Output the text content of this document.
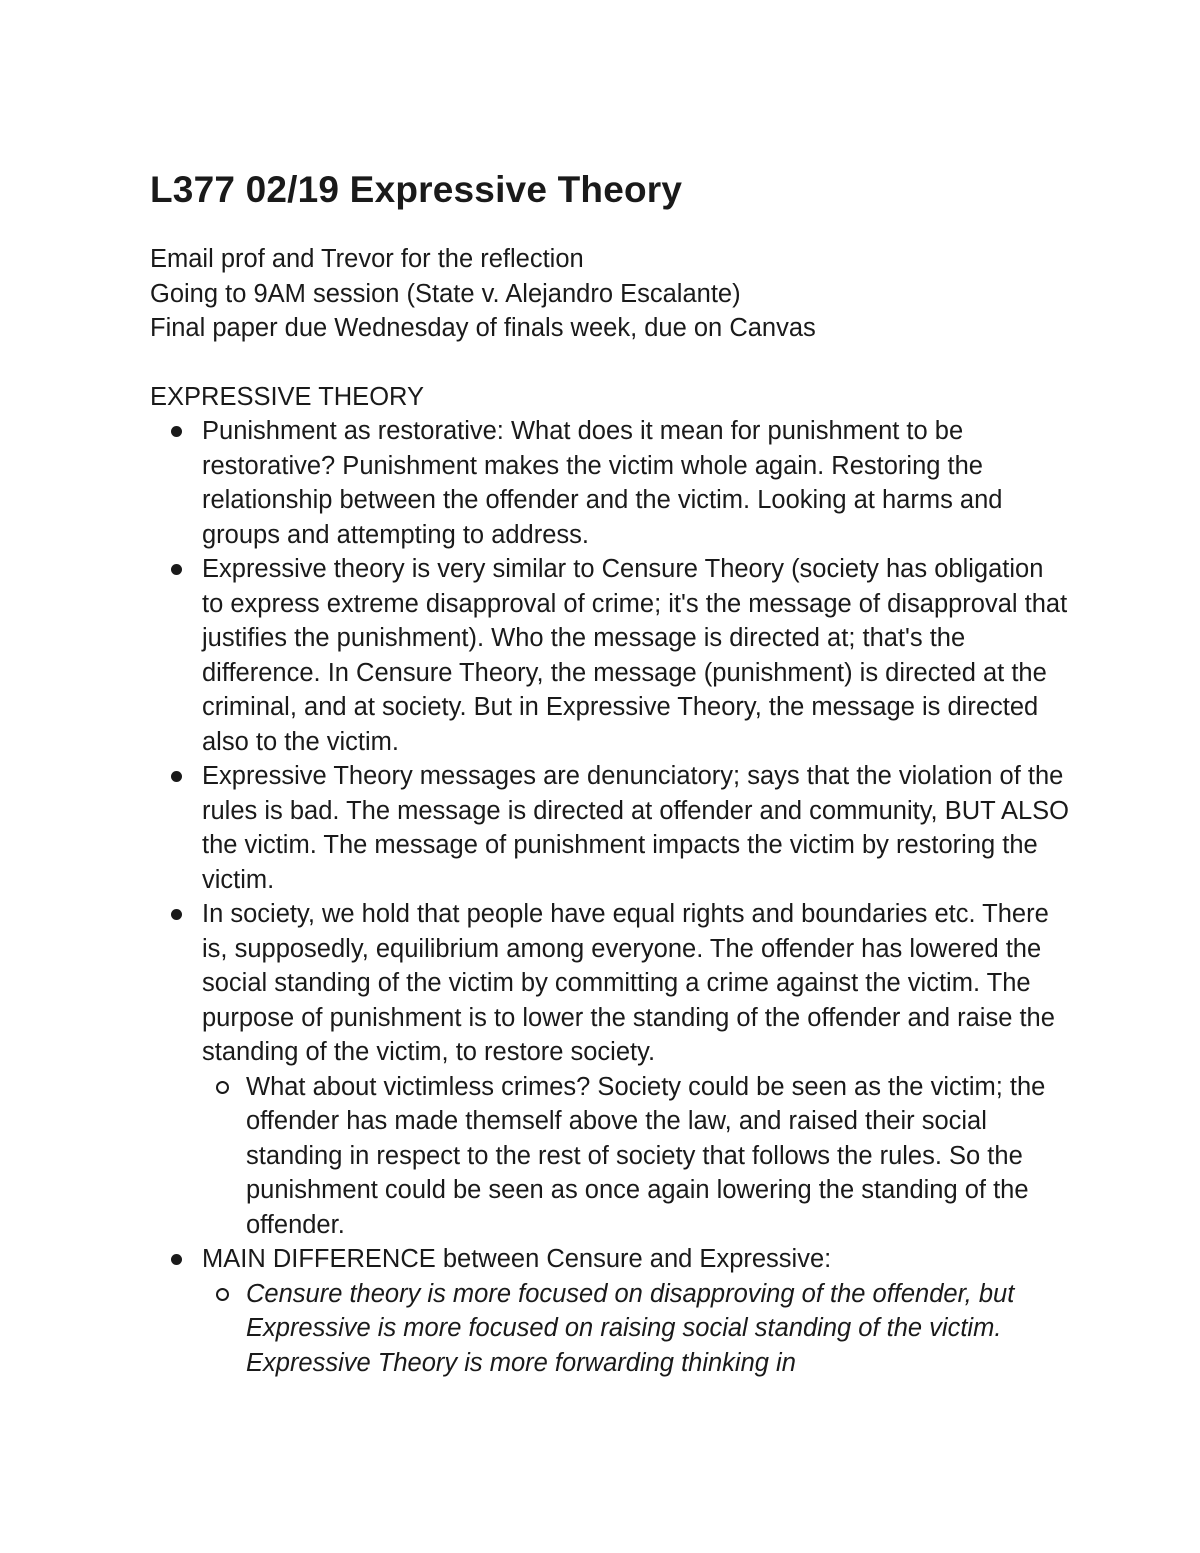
L377 02/19 Expressive Theory
Email prof and Trevor for the reflection
Going to 9AM session (State v. Alejandro Escalante)
Final paper due Wednesday of finals week, due on Canvas
EXPRESSIVE THEORY
Punishment as restorative: What does it mean for punishment to be restorative? Punishment makes the victim whole again. Restoring the relationship between the offender and the victim. Looking at harms and groups and attempting to address.
Expressive theory is very similar to Censure Theory (society has obligation to express extreme disapproval of crime; it's the message of disapproval that justifies the punishment). Who the message is directed at; that's the difference. In Censure Theory, the message (punishment) is directed at the criminal, and at society. But in Expressive Theory, the message is directed also to the victim.
Expressive Theory messages are denunciatory; says that the violation of the rules is bad. The message is directed at offender and community, BUT ALSO the victim. The message of punishment impacts the victim by restoring the victim.
In society, we hold that people have equal rights and boundaries etc. There is, supposedly, equilibrium among everyone. The offender has lowered the social standing of the victim by committing a crime against the victim. The purpose of punishment is to lower the standing of the offender and raise the standing of the victim, to restore society.
What about victimless crimes? Society could be seen as the victim; the offender has made themself above the law, and raised their social standing in respect to the rest of society that follows the rules. So the punishment could be seen as once again lowering the standing of the offender.
MAIN DIFFERENCE between Censure and Expressive:
Censure theory is more focused on disapproving of the offender, but Expressive is more focused on raising social standing of the victim. Expressive Theory is more forwarding thinking in
